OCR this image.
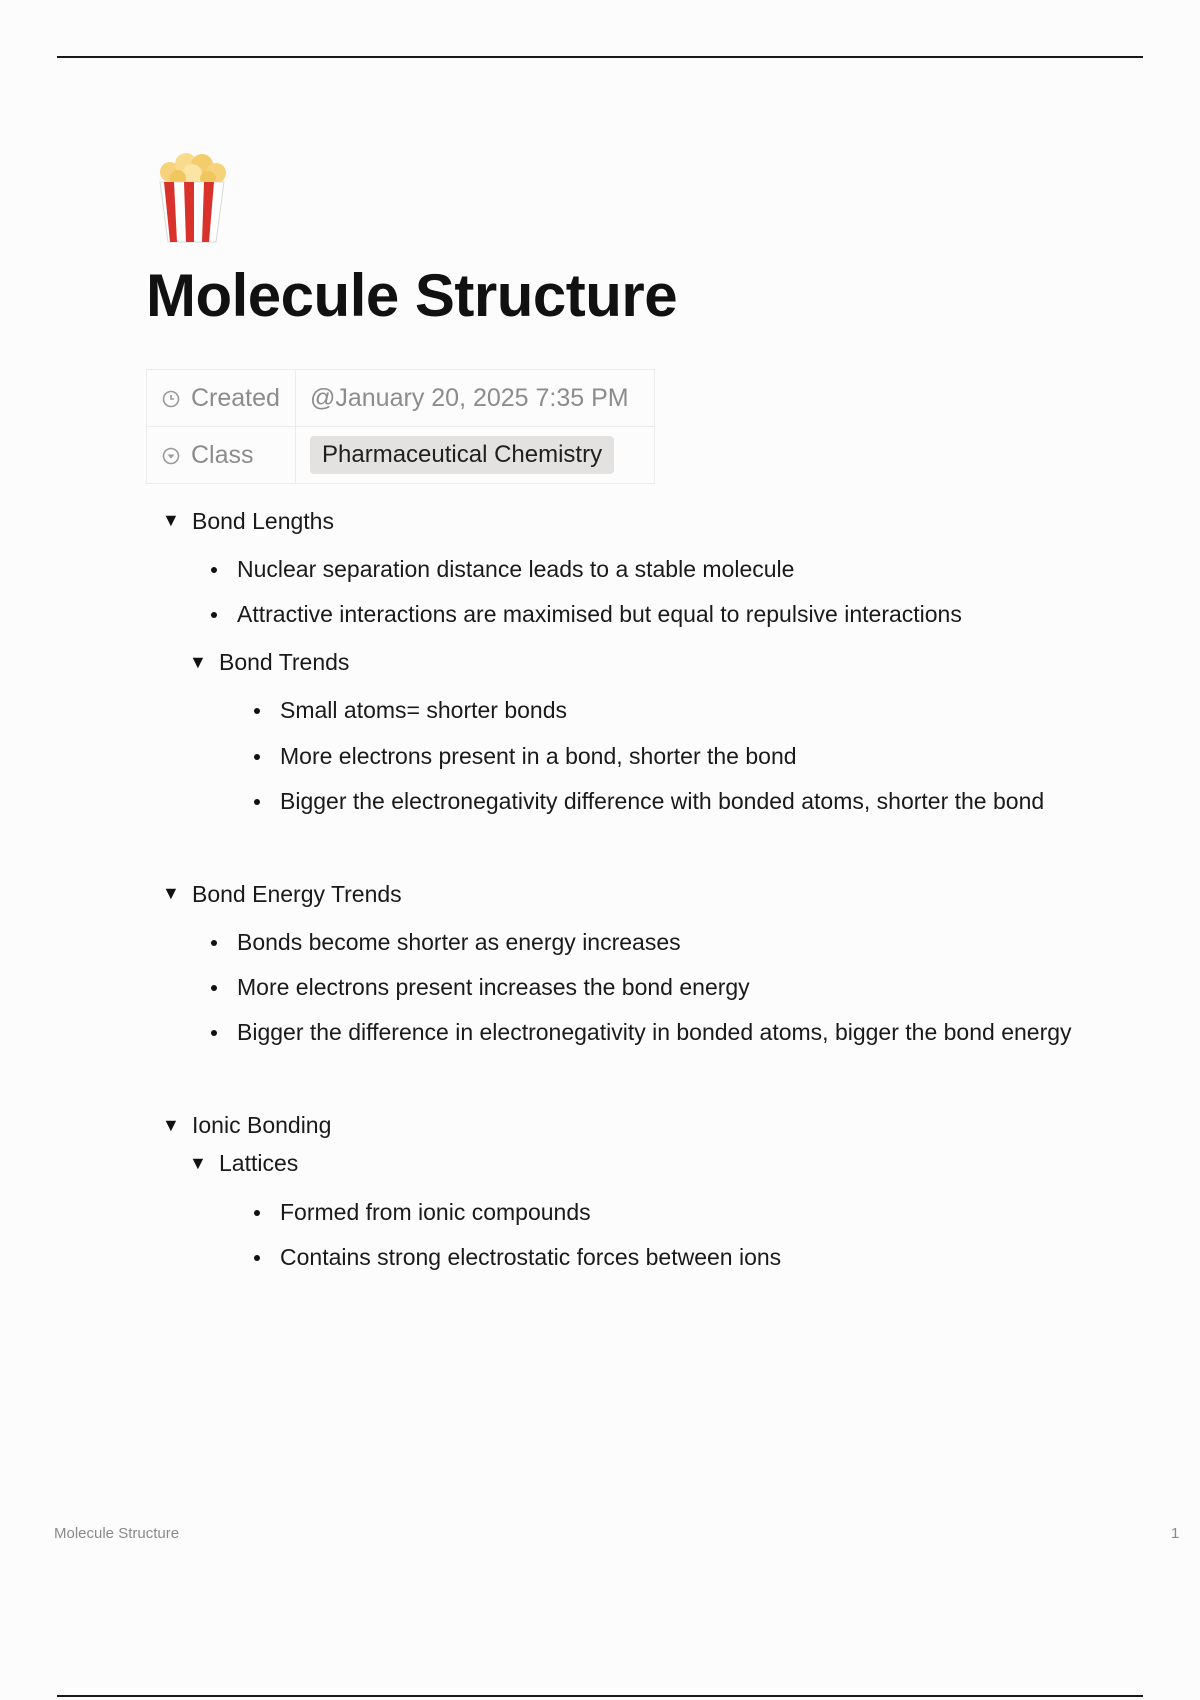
Molecule Structure
Created	@January 20, 2025 7:35 PM
Class	Pharmaceutical Chemistry
▼ Bond Lengths
Nuclear separation distance leads to a stable molecule
Attractive interactions are maximised but equal to repulsive interactions
▼ Bond Trends
Small atoms= shorter bonds
More electrons present in a bond, shorter the bond
Bigger the electronegativity difference with bonded atoms, shorter the bond
▼ Bond Energy Trends
Bonds become shorter as energy increases
More electrons present increases the bond energy
Bigger the difference in electronegativity in bonded atoms, bigger the bond energy
▼ Ionic Bonding
▼ Lattices
Formed from ionic compounds
Contains strong electrostatic forces between ions
Molecule Structure	1
